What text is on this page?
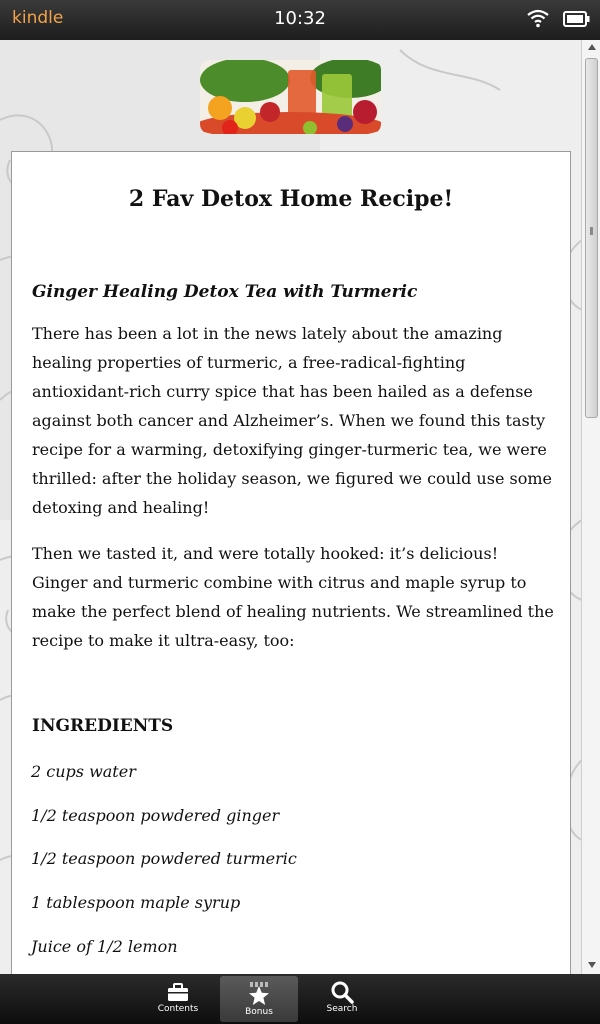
kindle	10:32
2 Fav Detox Home Recipe!
Ginger Healing Detox Tea with Turmeric

There has been a lot in the news lately about the amazing healing properties of turmeric, a free-radical-fighting antioxidant-rich curry spice that has been hailed as a defense against both cancer and Alzheimer’s. When we found this tasty recipe for a warming, detoxifying ginger-turmeric tea, we were thrilled: after the holiday season, we figured we could use some detoxing and healing!

Then we tasted it, and were totally hooked: it’s delicious! Ginger and turmeric combine with citrus and maple syrup to make the perfect blend of healing nutrients. We streamlined the recipe to make it ultra-easy, too:

INGREDIENTS
2 cups water
1/2 teaspoon powdered ginger
1/2 teaspoon powdered turmeric
1 tablespoon maple syrup
Juice of 1/2 lemon
Contents	Bonus	Search
